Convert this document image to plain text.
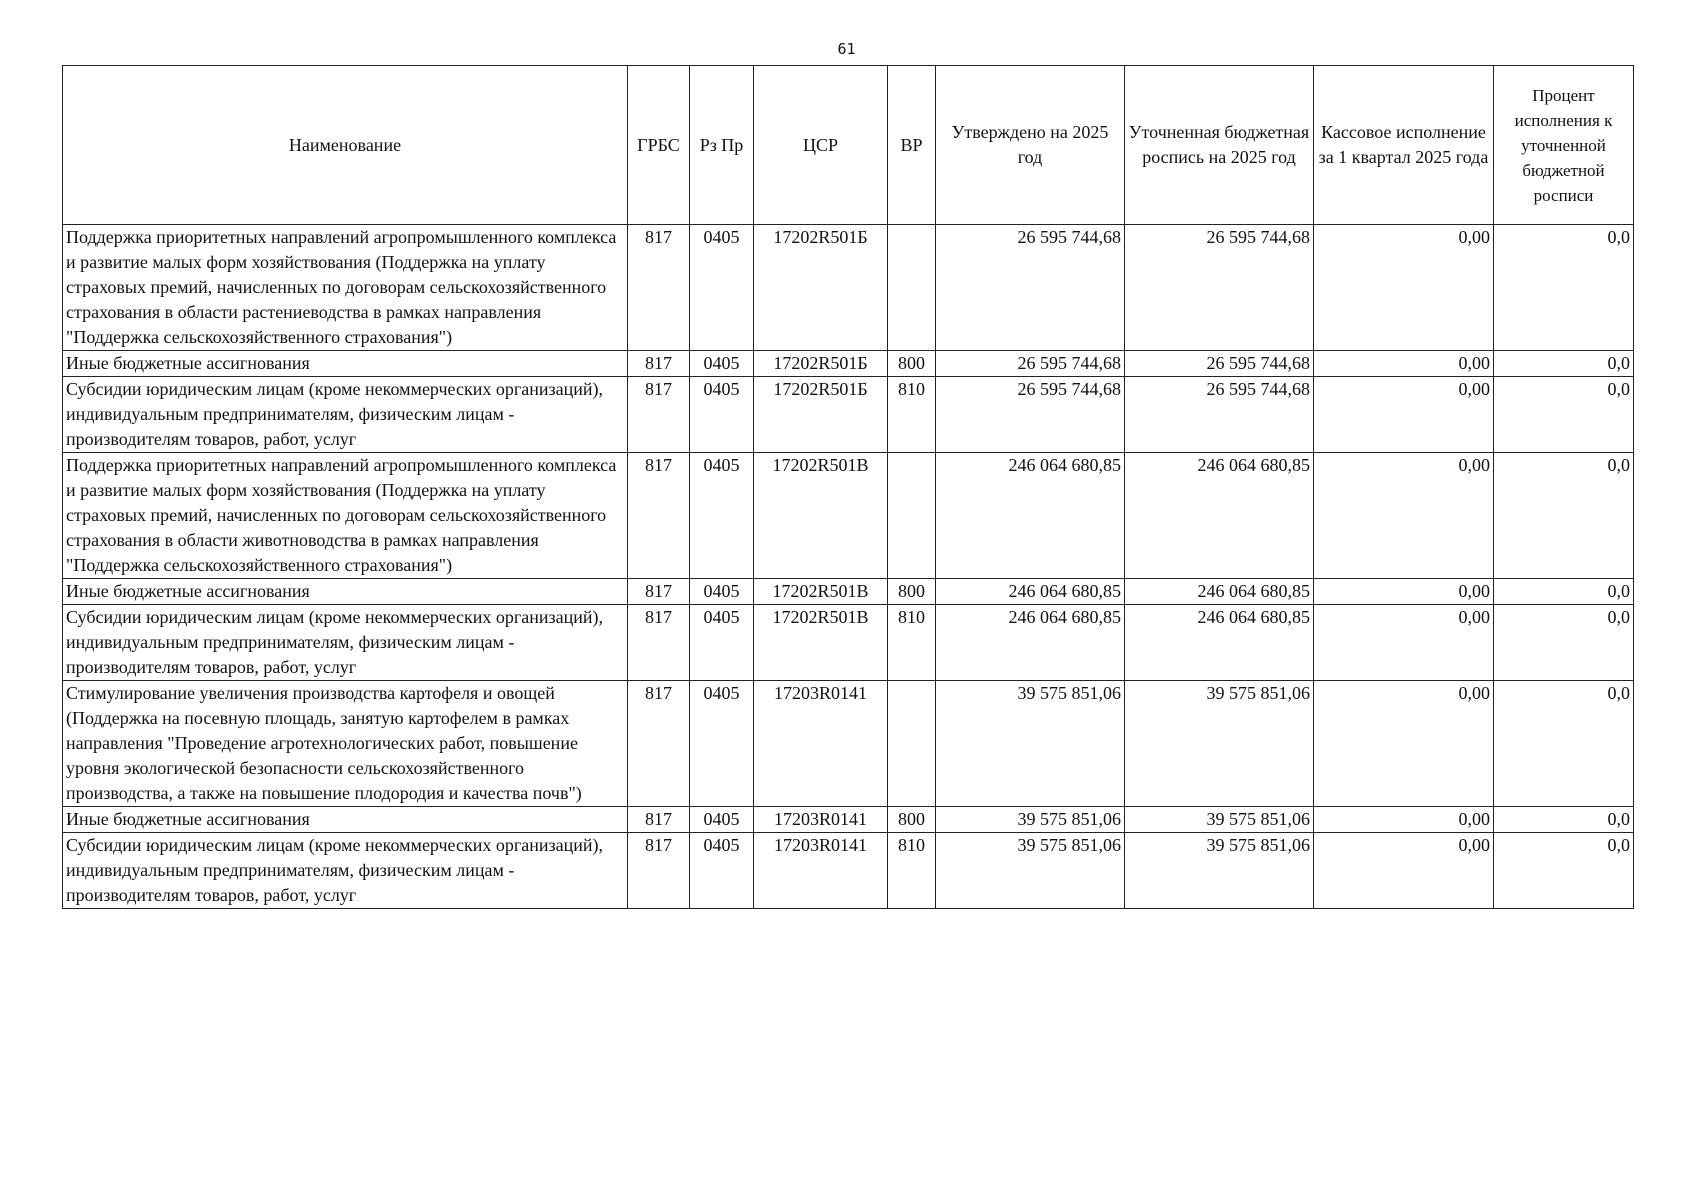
61
Наименование	ГРБС	Рз Пр	ЦСР	ВР	Утверждено на 2025 год	Уточненная бюджетная роспись на 2025 год	Кассовое исполнение за 1 квартал 2025 года	Процент исполнения к уточненной бюджетной росписи
Поддержка приоритетных направлений агропромышленного комплекса и развитие малых форм хозяйствования (Поддержка на уплату страховых премий, начисленных по договорам сельскохозяйственного страхования в области растениеводства в рамках направления "Поддержка сельскохозяйственного страхования")	817	0405	17202R501Б		26 595 744,68	26 595 744,68	0,00	0,0
Иные бюджетные ассигнования	817	0405	17202R501Б	800	26 595 744,68	26 595 744,68	0,00	0,0
Субсидии юридическим лицам (кроме некоммерческих организаций), индивидуальным предпринимателям, физическим лицам - производителям товаров, работ, услуг	817	0405	17202R501Б	810	26 595 744,68	26 595 744,68	0,00	0,0
Поддержка приоритетных направлений агропромышленного комплекса и развитие малых форм хозяйствования (Поддержка на уплату страховых премий, начисленных по договорам сельскохозяйственного страхования в области животноводства в рамках направления "Поддержка сельскохозяйственного страхования")	817	0405	17202R501В		246 064 680,85	246 064 680,85	0,00	0,0
Иные бюджетные ассигнования	817	0405	17202R501В	800	246 064 680,85	246 064 680,85	0,00	0,0
Субсидии юридическим лицам (кроме некоммерческих организаций), индивидуальным предпринимателям, физическим лицам - производителям товаров, работ, услуг	817	0405	17202R501В	810	246 064 680,85	246 064 680,85	0,00	0,0
Стимулирование увеличения производства картофеля и овощей (Поддержка на посевную площадь, занятую картофелем в рамках направления "Проведение агротехнологических работ, повышение уровня экологической безопасности сельскохозяйственного производства, а также на повышение плодородия и качества почв")	817	0405	17203R0141		39 575 851,06	39 575 851,06	0,00	0,0
Иные бюджетные ассигнования	817	0405	17203R0141	800	39 575 851,06	39 575 851,06	0,00	0,0
Субсидии юридическим лицам (кроме некоммерческих организаций), индивидуальным предпринимателям, физическим лицам - производителям товаров, работ, услуг	817	0405	17203R0141	810	39 575 851,06	39 575 851,06	0,00	0,0
